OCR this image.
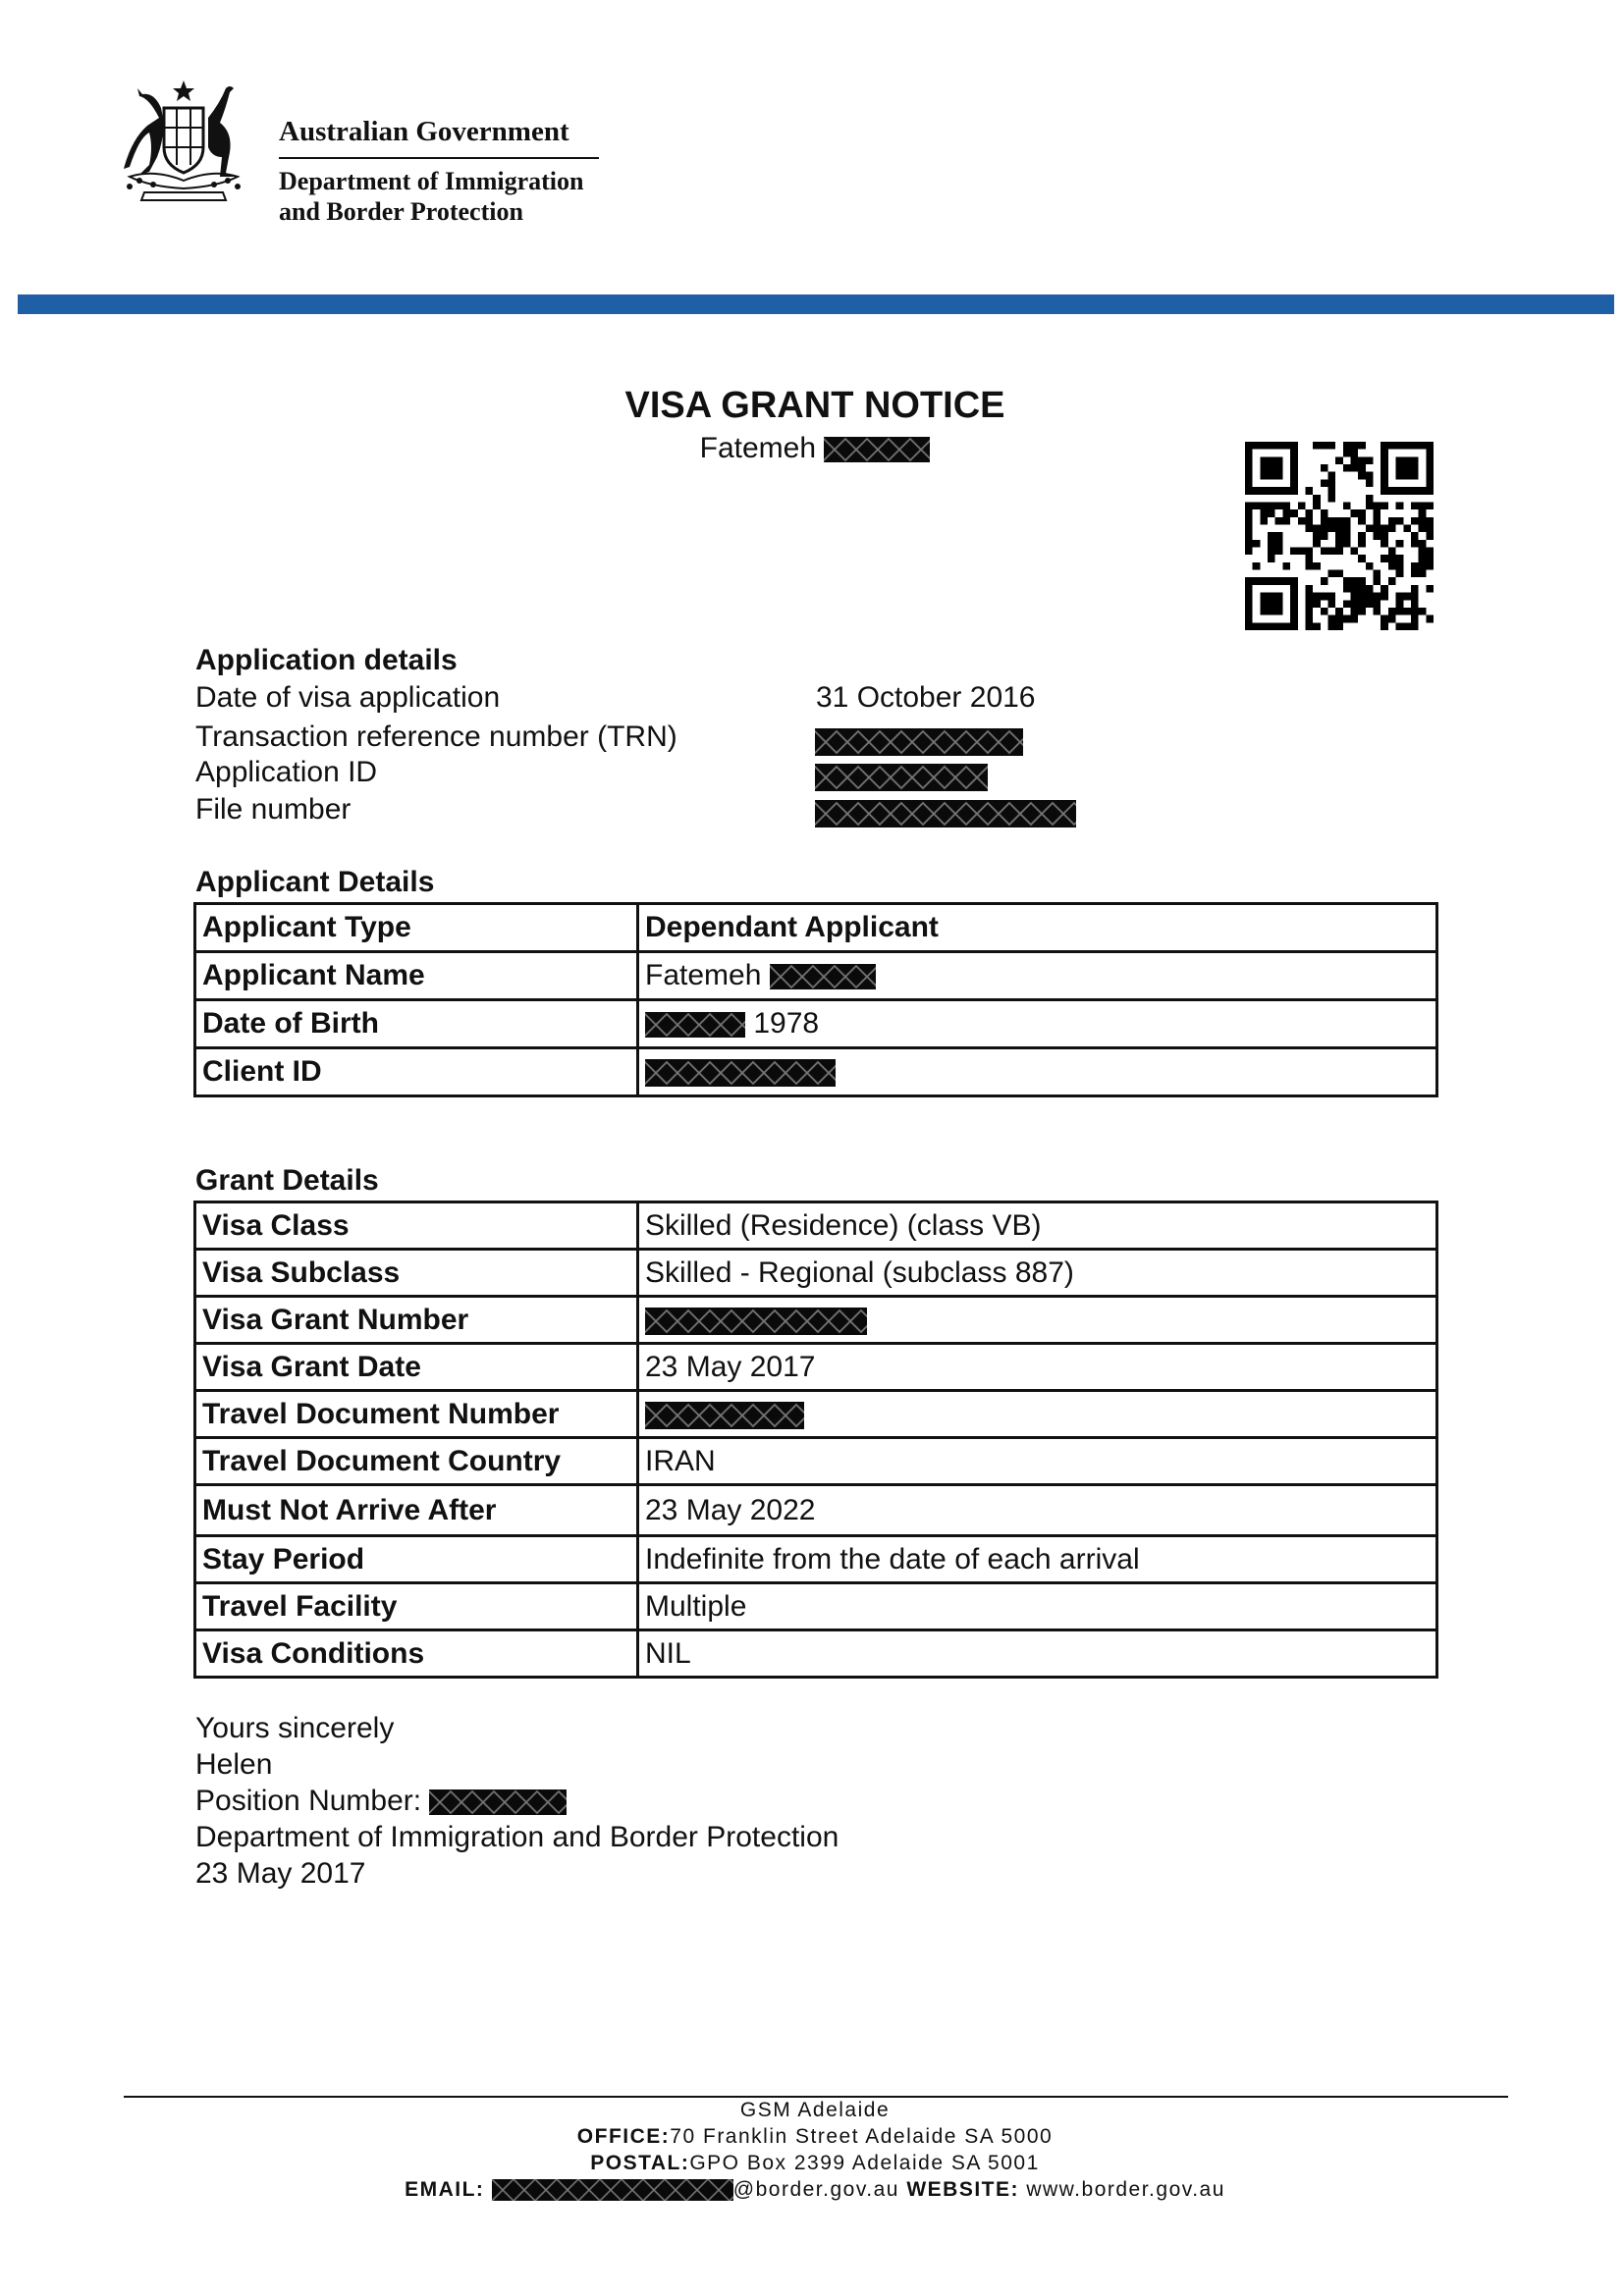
Australian Government
Department of Immigration
and Border Protection
VISA GRANT NOTICE
Fatemeh
Application details
Date of visa application	31 October 2016
Transaction reference number (TRN)
Application ID
File number
Applicant Details
Applicant Type	Dependant Applicant
Applicant Name	Fatemeh
Date of Birth	1978
Client ID	
Grant Details
Visa Class	Skilled (Residence) (class VB)
Visa Subclass	Skilled - Regional (subclass 887)
Visa Grant Number	
Visa Grant Date	23 May 2017
Travel Document Number	
Travel Document Country	IRAN
Must Not Arrive After	23 May 2022
Stay Period	Indefinite from the date of each arrival
Travel Facility	Multiple
Visa Conditions	NIL
Yours sincerely
Helen
Position Number:
Department of Immigration and Border Protection
23 May 2017
GSM Adelaide
OFFICE:70 Franklin Street Adelaide SA 5000
POSTAL:GPO Box 2399 Adelaide SA 5001
EMAIL:	@border.gov.au WEBSITE: www.border.gov.au
